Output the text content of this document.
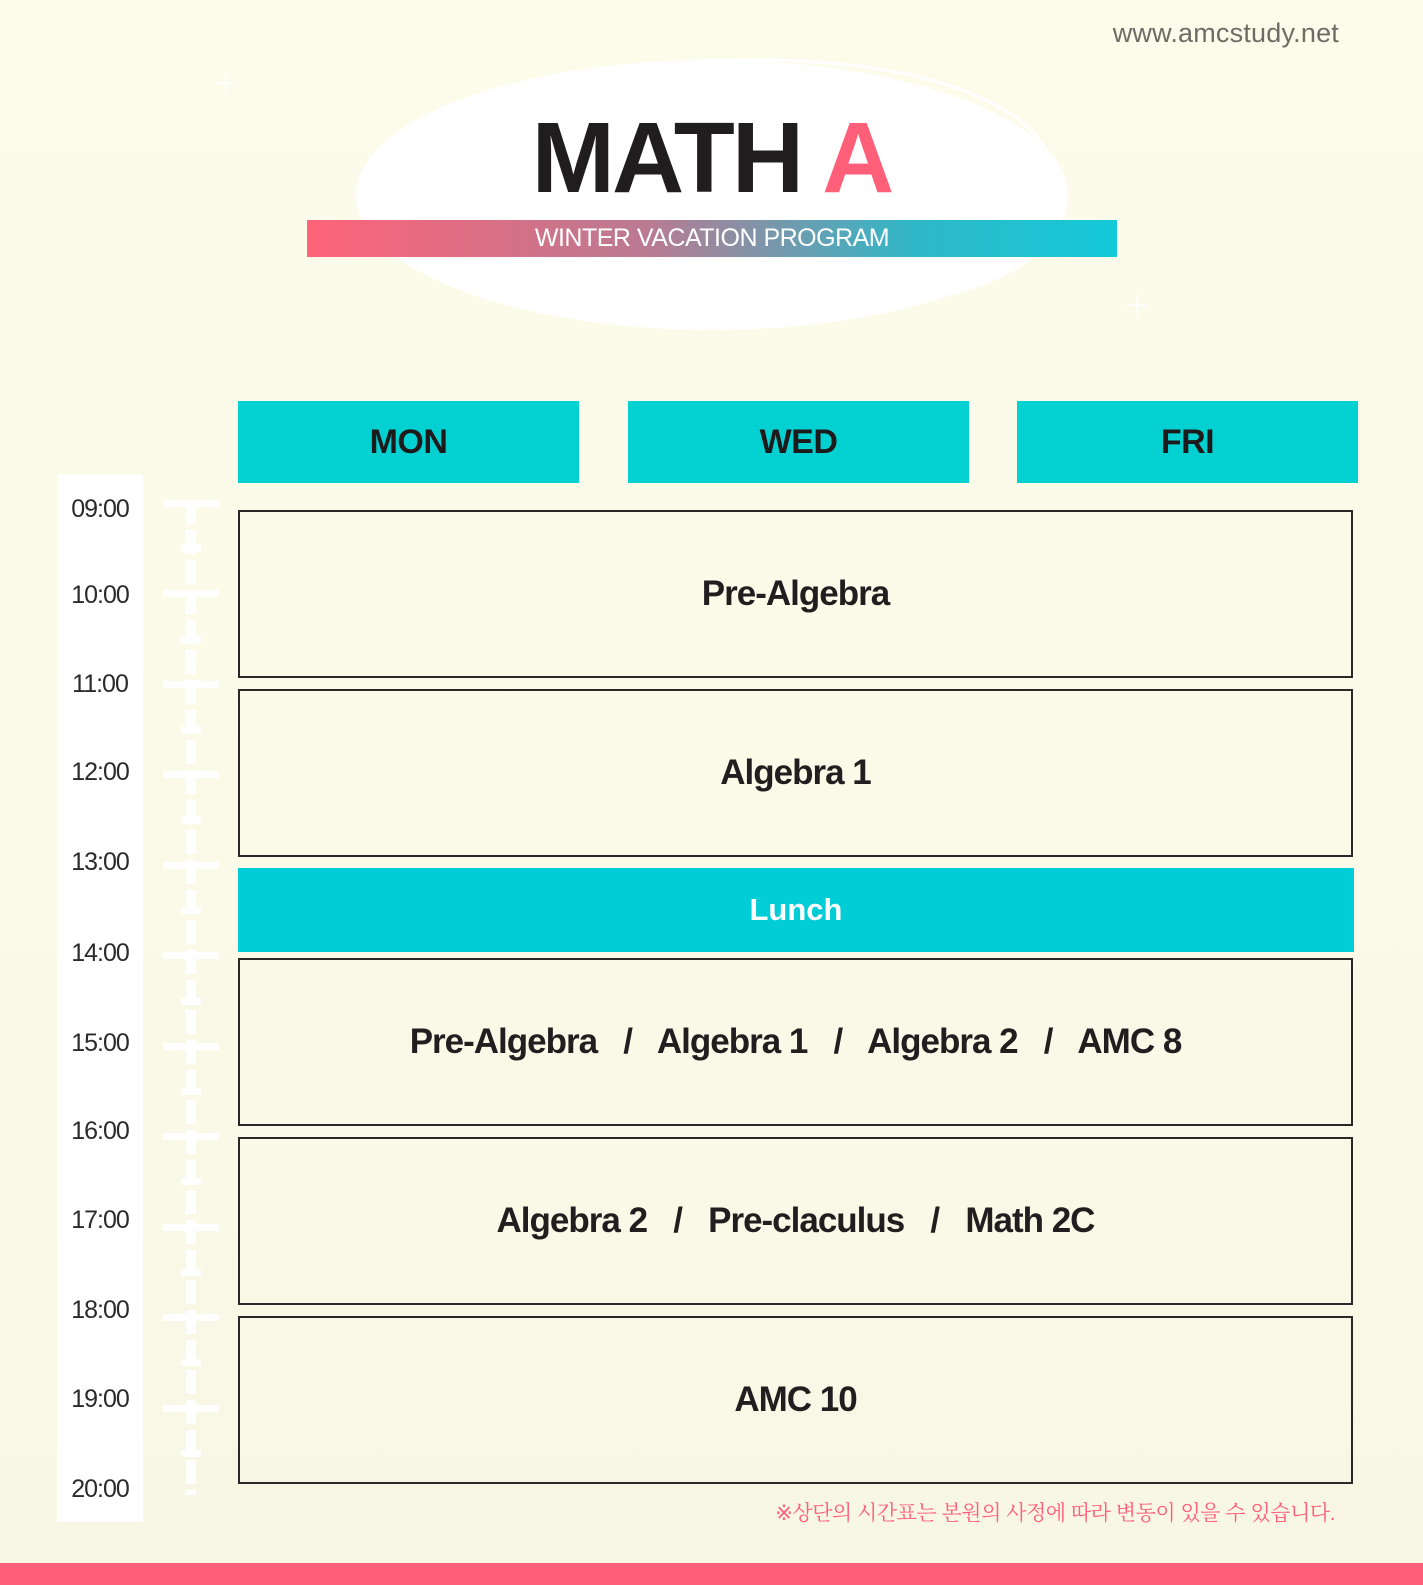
www.amcstudy.net
MATH A
WINTER VACATION PROGRAM
MON	WED	FRI
09:00
10:00
11:00
12:00
13:00
14:00
15:00
16:00
17:00
18:00
19:00
20:00
Pre-Algebra
Algebra 1
Lunch
Pre-Algebra   /   Algebra 1   /   Algebra 2   /   AMC 8
Algebra 2   /   Pre-claculus   /   Math 2C
AMC 10
※상단의 시간표는 본원의 사정에 따라 변동이 있을 수 있습니다.
